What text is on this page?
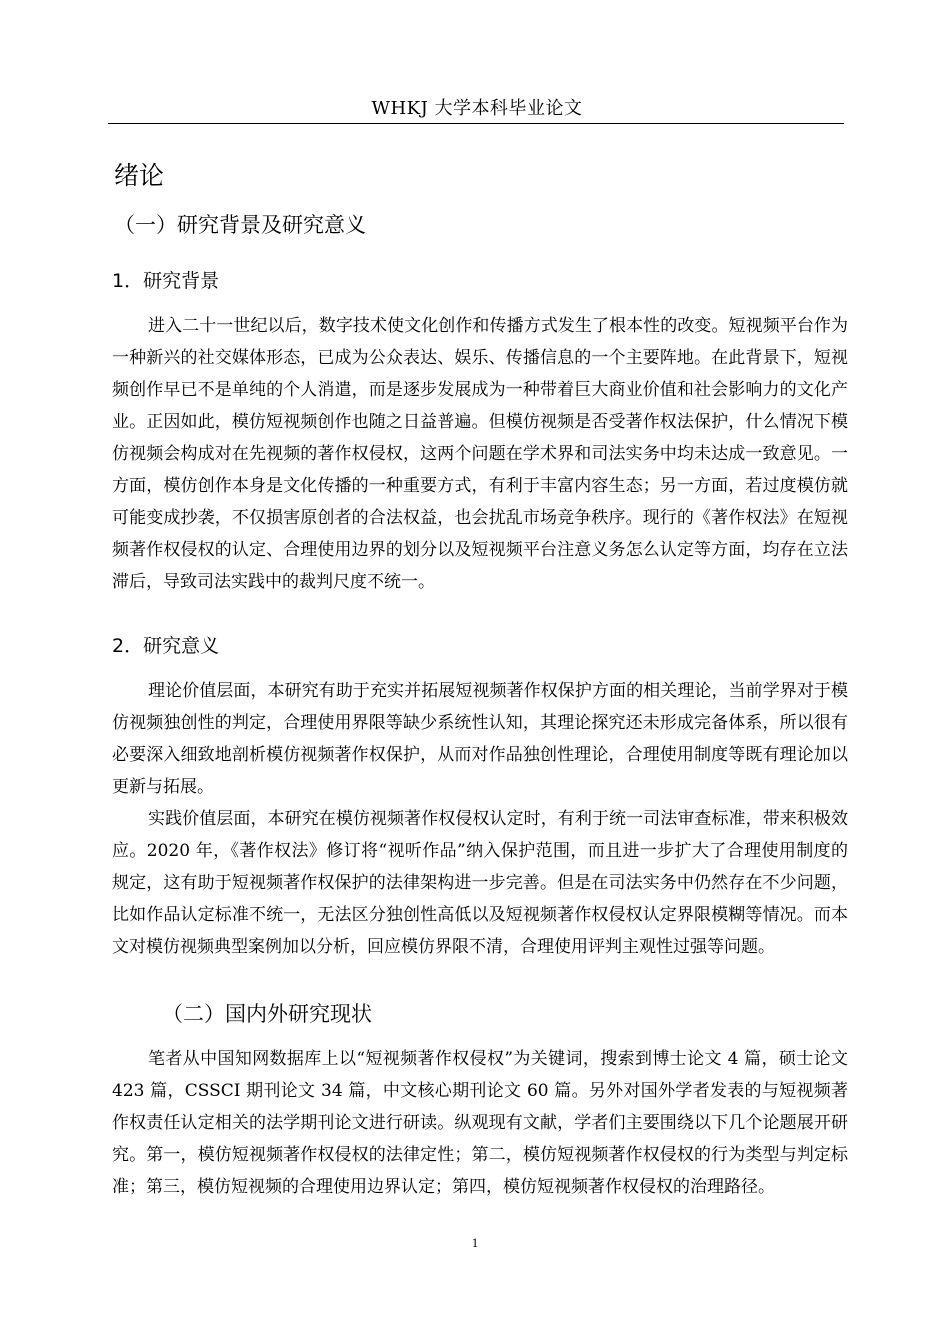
WHKJ 大学本科毕业论文
绪论
（一）研究背景及研究意义
1．研究背景

进入二十一世纪以后，数字技术使文化创作和传播方式发生了根本性的改变。短视频平台作为一种新兴的社交媒体形态，已成为公众表达、娱乐、传播信息的一个主要阵地。在此背景下，短视频创作早已不是单纯的个人消遣，而是逐步发展成为一种带着巨大商业价值和社会影响力的文化产业。正因如此，模仿短视频创作也随之日益普遍。但模仿视频是否受著作权法保护，什么情况下模仿视频会构成对在先视频的著作权侵权，这两个问题在学术界和司法实务中均未达成一致意见。一方面，模仿创作本身是文化传播的一种重要方式，有利于丰富内容生态；另一方面，若过度模仿就可能变成抄袭，不仅损害原创者的合法权益，也会扰乱市场竞争秩序。现行的《著作权法》在短视频著作权侵权的认定、合理使用边界的划分以及短视频平台注意义务怎么认定等方面，均存在立法滞后，导致司法实践中的裁判尺度不统一。

2．研究意义

理论价值层面，本研究有助于充实并拓展短视频著作权保护方面的相关理论，当前学界对于模仿视频独创性的判定，合理使用界限等缺少系统性认知，其理论探究还未形成完备体系，所以很有必要深入细致地剖析模仿视频著作权保护，从而对作品独创性理论，合理使用制度等既有理论加以更新与拓展。

实践价值层面，本研究在模仿视频著作权侵权认定时，有利于统一司法审查标准，带来积极效应。2020 年，《著作权法》修订将“视听作品”纳入保护范围，而且进一步扩大了合理使用制度的规定，这有助于短视频著作权保护的法律架构进一步完善。但是在司法实务中仍然存在不少问题，比如作品认定标准不统一，无法区分独创性高低以及短视频著作权侵权认定界限模糊等情况。而本文对模仿视频典型案例加以分析，回应模仿界限不清，合理使用评判主观性过强等问题。

（二）国内外研究现状

笔者从中国知网数据库上以“短视频著作权侵权”为关键词，搜索到博士论文 4 篇，硕士论文 423 篇，CSSCI 期刊论文 34 篇，中文核心期刊论文 60 篇。另外对国外学者发表的与短视频著作权责任认定相关的法学期刊论文进行研读。纵观现有文献，学者们主要围绕以下几个论题展开研究。第一，模仿短视频著作权侵权的法律定性；第二，模仿短视频著作权侵权的行为类型与判定标准；第三，模仿短视频的合理使用边界认定；第四，模仿短视频著作权侵权的治理路径。

1
